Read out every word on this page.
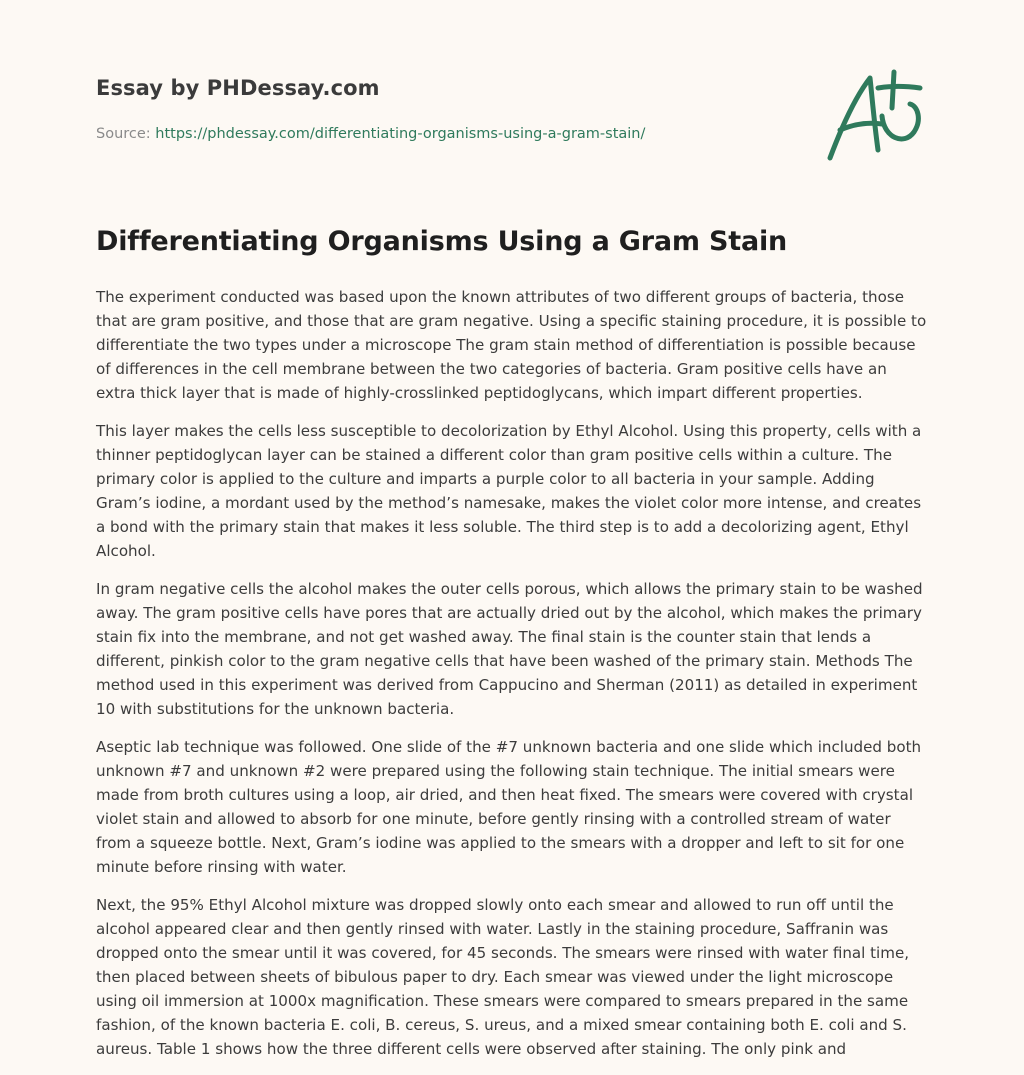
Essay by PHDessay.com
Source: https://phdessay.com/differentiating-organisms-using-a-gram-stain/
Differentiating Organisms Using a Gram Stain

The experiment conducted was based upon the known attributes of two different groups of bacteria, those that are gram positive, and those that are gram negative. Using a specific staining procedure, it is possible to differentiate the two types under a microscope The gram stain method of differentiation is possible because of differences in the cell membrane between the two categories of bacteria. Gram positive cells have an extra thick layer that is made of highly-crosslinked peptidoglycans, which impart different properties.

This layer makes the cells less susceptible to decolorization by Ethyl Alcohol. Using this property, cells with a thinner peptidoglycan layer can be stained a different color than gram positive cells within a culture. The primary color is applied to the culture and imparts a purple color to all bacteria in your sample. Adding Gram’s iodine, a mordant used by the method’s namesake, makes the violet color more intense, and creates a bond with the primary stain that makes it less soluble. The third step is to add a decolorizing agent, Ethyl Alcohol.

In gram negative cells the alcohol makes the outer cells porous, which allows the primary stain to be washed away. The gram positive cells have pores that are actually dried out by the alcohol, which makes the primary stain fix into the membrane, and not get washed away. The final stain is the counter stain that lends a different, pinkish color to the gram negative cells that have been washed of the primary stain. Methods The method used in this experiment was derived from Cappucino and Sherman (2011) as detailed in experiment 10 with substitutions for the unknown bacteria.

Aseptic lab technique was followed. One slide of the #7 unknown bacteria and one slide which included both unknown #7 and unknown #2 were prepared using the following stain technique. The initial smears were made from broth cultures using a loop, air dried, and then heat fixed. The smears were covered with crystal violet stain and allowed to absorb for one minute, before gently rinsing with a controlled stream of water from a squeeze bottle. Next, Gram’s iodine was applied to the smears with a dropper and left to sit for one minute before rinsing with water.

Next, the 95% Ethyl Alcohol mixture was dropped slowly onto each smear and allowed to run off until the alcohol appeared clear and then gently rinsed with water. Lastly in the staining procedure, Saffranin was dropped onto the smear until it was covered, for 45 seconds. The smears were rinsed with water final time, then placed between sheets of bibulous paper to dry. Each smear was viewed under the light microscope using oil immersion at 1000x magnification. These smears were compared to smears prepared in the same fashion, of the known bacteria E. coli, B. cereus, S. ureus, and a mixed smear containing both E. coli and S. aureus. Table 1 shows how the three different cells were observed after staining. The only pink and
